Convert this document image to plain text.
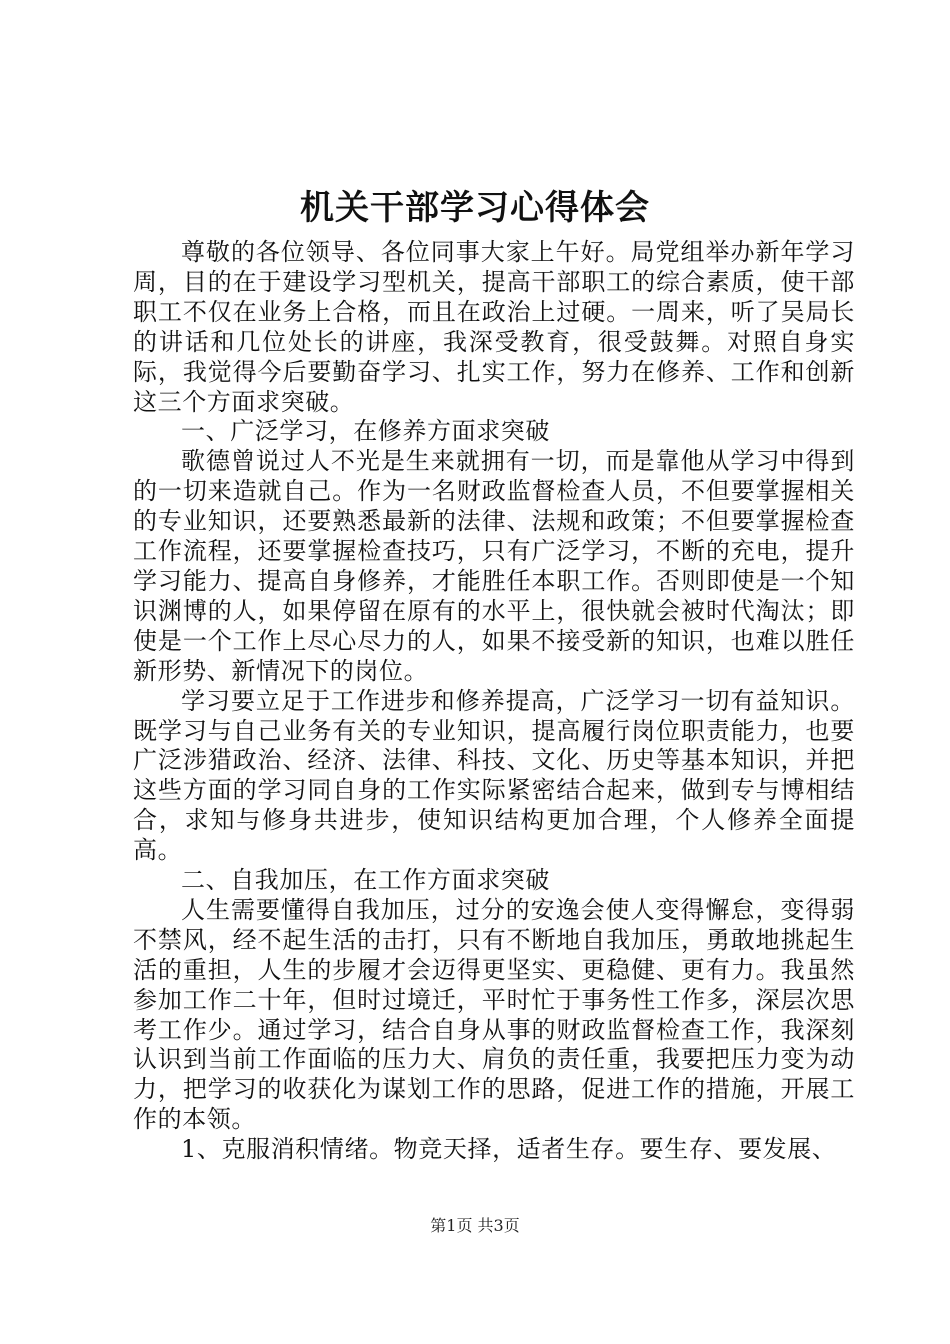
机关干部学习心得体会

尊敬的各位领导、各位同事大家上午好。局党组举办新年学习周，目的在于建设学习型机关，提高干部职工的综合素质，使干部职工不仅在业务上合格，而且在政治上过硬。一周来，听了吴局长的讲话和几位处长的讲座，我深受教育，很受鼓舞。对照自身实际，我觉得今后要勤奋学习、扎实工作，努力在修养、工作和创新这三个方面求突破。

一、广泛学习，在修养方面求突破

歌德曾说过人不光是生来就拥有一切，而是靠他从学习中得到的一切来造就自己。作为一名财政监督检查人员，不但要掌握相关的专业知识，还要熟悉最新的法律、法规和政策；不但要掌握检查工作流程，还要掌握检查技巧，只有广泛学习，不断的充电，提升学习能力、提高自身修养，才能胜任本职工作。否则即使是一个知识渊博的人，如果停留在原有的水平上，很快就会被时代淘汰；即使是一个工作上尽心尽力的人，如果不接受新的知识，也难以胜任新形势、新情况下的岗位。

学习要立足于工作进步和修养提高，广泛学习一切有益知识。既学习与自己业务有关的专业知识，提高履行岗位职责能力，也要广泛涉猎政治、经济、法律、科技、文化、历史等基本知识，并把这些方面的学习同自身的工作实际紧密结合起来，做到专与博相结合，求知与修身共进步，使知识结构更加合理，个人修养全面提高。

二、自我加压，在工作方面求突破

人生需要懂得自我加压，过分的安逸会使人变得懈怠，变得弱不禁风，经不起生活的击打，只有不断地自我加压，勇敢地挑起生活的重担，人生的步履才会迈得更坚实、更稳健、更有力。我虽然参加工作二十年，但时过境迁，平时忙于事务性工作多，深层次思考工作少。通过学习，结合自身从事的财政监督检查工作，我深刻认识到当前工作面临的压力大、肩负的责任重，我要把压力变为动力，把学习的收获化为谋划工作的思路，促进工作的措施，开展工作的本领。

1、克服消积情绪。物竞天择，适者生存。要生存、要发展、

第1页 共3页
